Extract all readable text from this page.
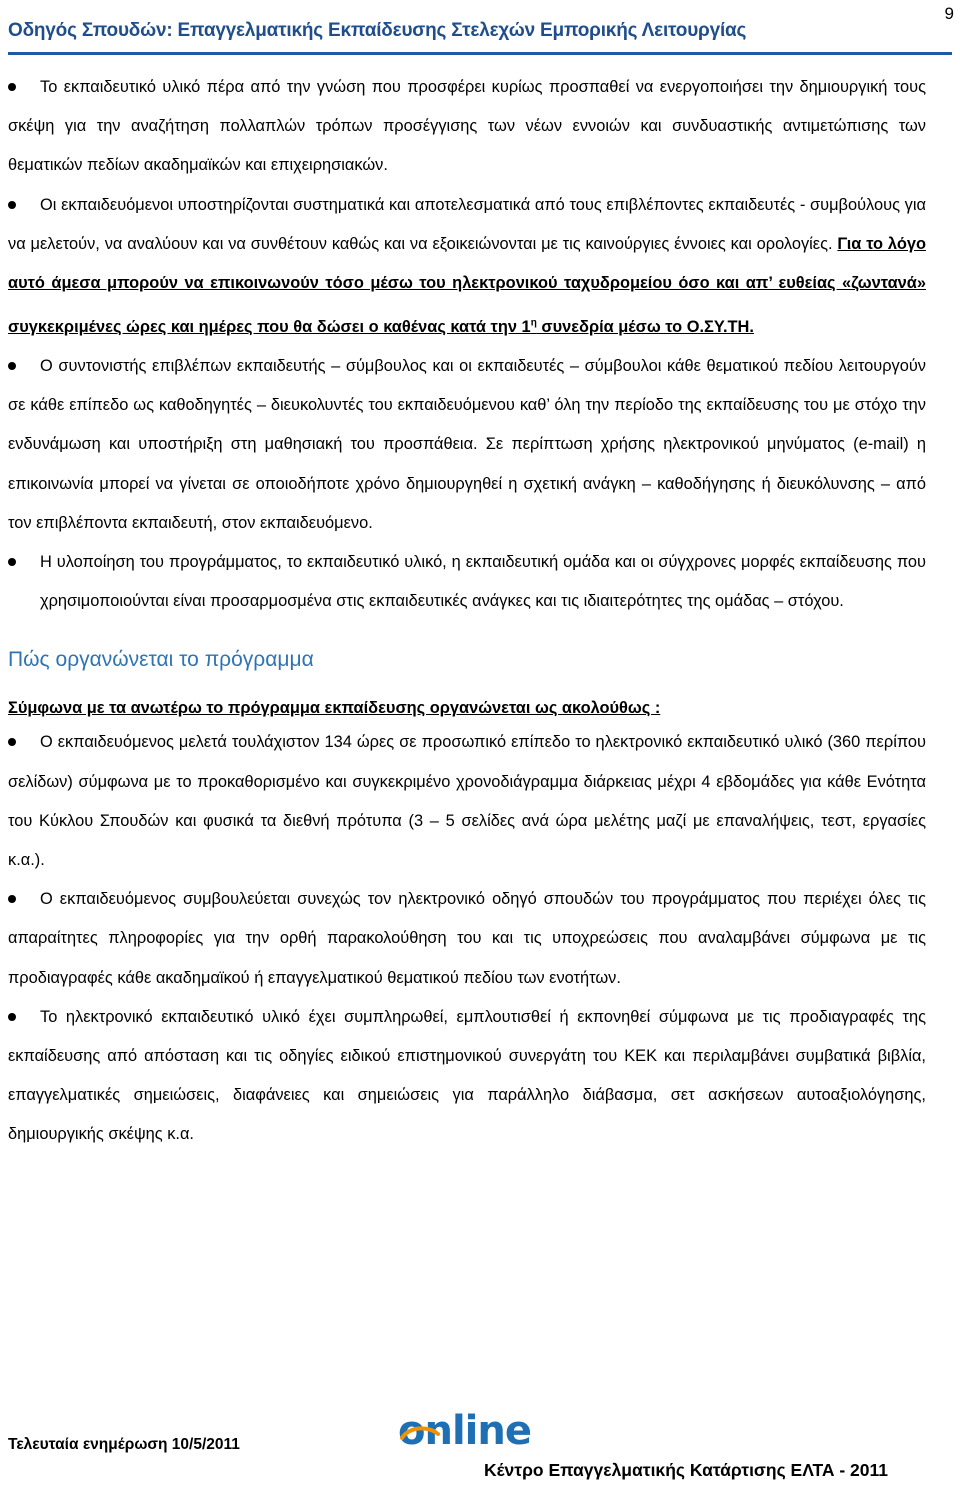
Οδηγός Σπουδών: Επαγγελματικής Εκπαίδευσης Στελεχών Εμπορικής Λειτουργίας
9

Το εκπαιδευτικό υλικό πέρα από την γνώση που προσφέρει κυρίως προσπαθεί να ενεργοποιήσει την δημιουργική τους σκέψη για την αναζήτηση πολλαπλών τρόπων προσέγγισης των νέων εννοιών και συνδυαστικής αντιμετώπισης των θεματικών πεδίων ακαδημαϊκών και επιχειρησιακών.

Οι εκπαιδευόμενοι υποστηρίζονται συστηματικά και αποτελεσματικά από τους επιβλέποντες εκπαιδευτές - συμβούλους για να μελετούν, να αναλύουν και να συνθέτουν καθώς και να εξοικειώνονται με τις καινούργιες έννοιες και ορολογίες. Για το λόγο αυτό άμεσα μπορούν να επικοινωνούν τόσο μέσω του ηλεκτρονικού ταχυδρομείου όσο και απ’ ευθείας «ζωντανά» συγκεκριμένες ώρες και ημέρες που θα δώσει ο καθένας κατά την $1^\eta$ συνεδρία μέσω το Ο.ΣΥ.ΤΗ.

Ο συντονιστής επιβλέπων εκπαιδευτής – σύμβουλος και οι εκπαιδευτές – σύμβουλοι κάθε θεματικού πεδίου λειτουργούν σε κάθε επίπεδο ως καθοδηγητές – διευκολυντές του εκπαιδευόμενου καθ’ όλη την περίοδο της εκπαίδευσης του με στόχο την ενδυνάμωση και υποστήριξη στη μαθησιακή του προσπάθεια. Σε περίπτωση χρήσης ηλεκτρονικού μηνύματος (e-mail) η επικοινωνία μπορεί να γίνεται σε οποιοδήποτε χρόνο δημιουργηθεί η σχετική ανάγκη – καθοδήγησης ή διευκόλυνσης – από τον επιβλέποντα εκπαιδευτή, στον εκπαιδευόμενο.

Η υλοποίηση του προγράμματος, το εκπαιδευτικό υλικό, η εκπαιδευτική ομάδα και οι σύγχρονες μορφές εκπαίδευσης που χρησιμοποιούνται είναι προσαρμοσμένα στις εκπαιδευτικές ανάγκες και τις ιδιαιτερότητες της ομάδας – στόχου.

Πώς οργανώνεται το πρόγραμμα

Σύμφωνα με τα ανωτέρω το πρόγραμμα εκπαίδευσης οργανώνεται ως ακολούθως :

Ο εκπαιδευόμενος μελετά τουλάχιστον 134 ώρες σε προσωπικό επίπεδο το ηλεκτρονικό εκπαιδευτικό υλικό (360 περίπου σελίδων) σύμφωνα με το προκαθορισμένο και συγκεκριμένο χρονοδιάγραμμα διάρκειας μέχρι 4 εβδομάδες για κάθε Ενότητα του Κύκλου Σπουδών και φυσικά τα διεθνή πρότυπα (3 – 5 σελίδες ανά ώρα μελέτης μαζί με επαναλήψεις, τεστ, εργασίες κ.α.).

Ο εκπαιδευόμενος συμβουλεύεται συνεχώς τον ηλεκτρονικό οδηγό σπουδών του προγράμματος που περιέχει όλες τις απαραίτητες πληροφορίες για την ορθή παρακολούθηση του και τις υποχρεώσεις που αναλαμβάνει σύμφωνα με τις προδιαγραφές κάθε ακαδημαϊκού ή επαγγελματικού θεματικού πεδίου των ενοτήτων.

Το ηλεκτρονικό εκπαιδευτικό υλικό έχει συμπληρωθεί, εμπλουτισθεί ή εκπονηθεί σύμφωνα με τις προδιαγραφές της εκπαίδευσης από απόσταση και τις οδηγίες ειδικού επιστημονικού συνεργάτη του ΚΕΚ και περιλαμβάνει συμβατικά βιβλία, επαγγελματικές σημειώσεις, διαφάνειες και σημειώσεις για παράλληλο διάβασμα, σετ ασκήσεων αυτοαξιολόγησης, δημιουργικής σκέψης κ.α.

Τελευταία ενημέρωση 10/5/2011	online
Κέντρο Επαγγελματικής Κατάρτισης ΕΛΤΑ - 2011
